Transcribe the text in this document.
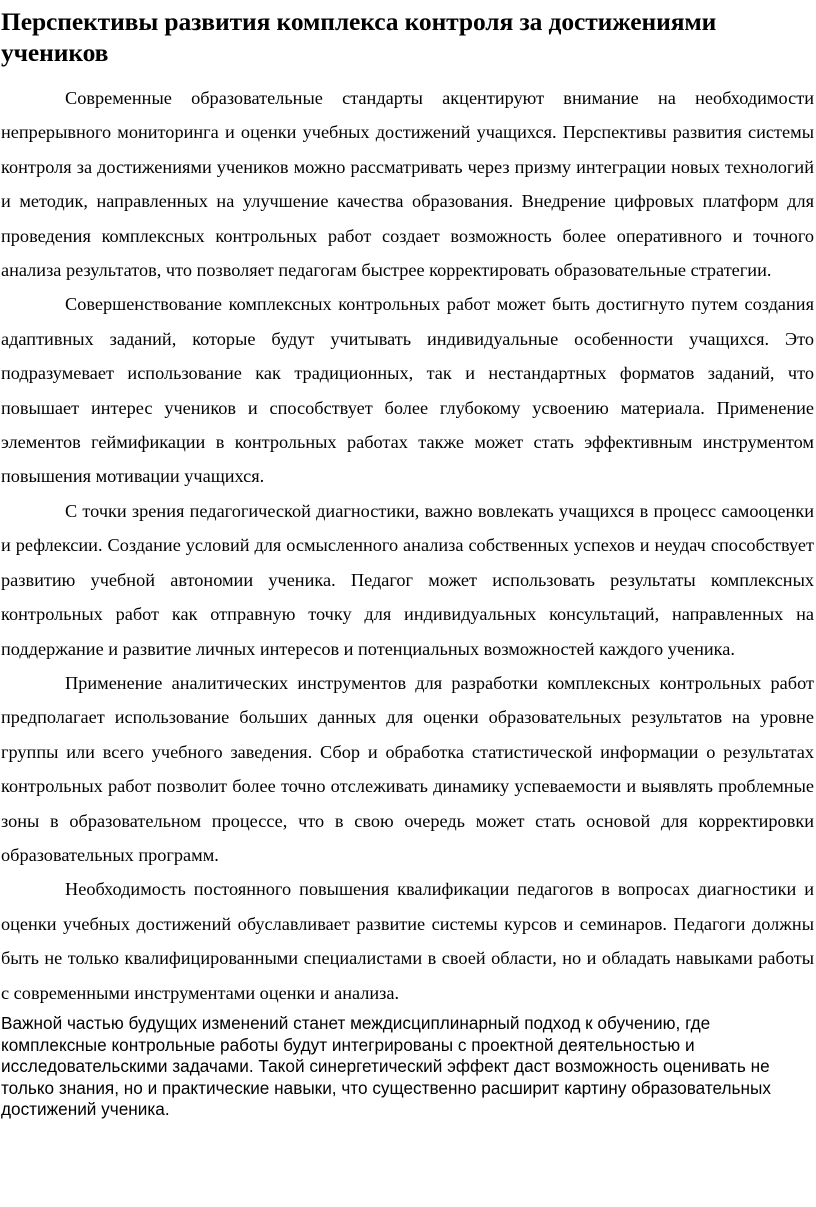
Перспективы развития комплекса контроля за достижениями учеников

Современные образовательные стандарты акцентируют внимание на необходимости непрерывного мониторинга и оценки учебных достижений учащихся. Перспективы развития системы контроля за достижениями учеников можно рассматривать через призму интеграции новых технологий и методик, направленных на улучшение качества образования. Внедрение цифровых платформ для проведения комплексных контрольных работ создает возможность более оперативного и точного анализа результатов, что позволяет педагогам быстрее корректировать образовательные стратегии.

Совершенствование комплексных контрольных работ может быть достигнуто путем создания адаптивных заданий, которые будут учитывать индивидуальные особенности учащихся. Это подразумевает использование как традиционных, так и нестандартных форматов заданий, что повышает интерес учеников и способствует более глубокому усвоению материала. Применение элементов геймификации в контрольных работах также может стать эффективным инструментом повышения мотивации учащихся.

С точки зрения педагогической диагностики, важно вовлекать учащихся в процесс самооценки и рефлексии. Создание условий для осмысленного анализа собственных успехов и неудач способствует развитию учебной автономии ученика. Педагог может использовать результаты комплексных контрольных работ как отправную точку для индивидуальных консультаций, направленных на поддержание и развитие личных интересов и потенциальных возможностей каждого ученика.

Применение аналитических инструментов для разработки комплексных контрольных работ предполагает использование больших данных для оценки образовательных результатов на уровне группы или всего учебного заведения. Сбор и обработка статистической информации о результатах контрольных работ позволит более точно отслеживать динамику успеваемости и выявлять проблемные зоны в образовательном процессе, что в свою очередь может стать основой для корректировки образовательных программ.

Необходимость постоянного повышения квалификации педагогов в вопросах диагностики и оценки учебных достижений обуславливает развитие системы курсов и семинаров. Педагоги должны быть не только квалифицированными специалистами в своей области, но и обладать навыками работы с современными инструментами оценки и анализа.

Важной частью будущих изменений станет междисциплинарный подход к обучению, где комплексные контрольные работы будут интегрированы с проектной деятельностью и исследовательскими задачами. Такой синергетический эффект даст возможность оценивать не только знания, но и практические навыки, что существенно расширит картину образовательных достижений ученика.
